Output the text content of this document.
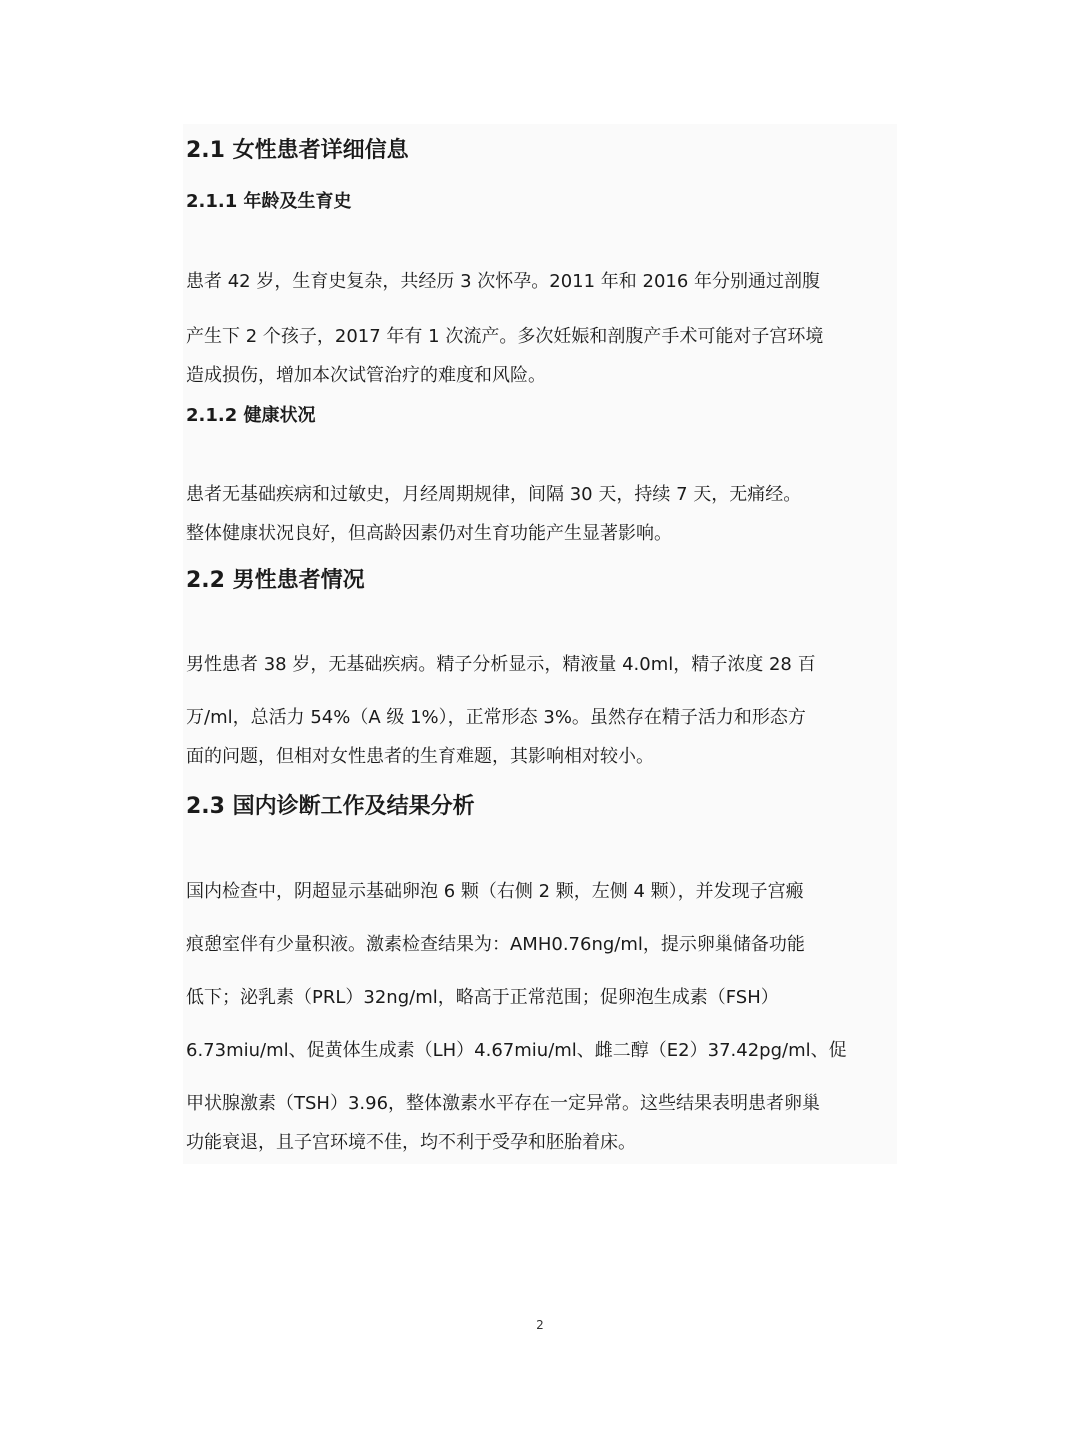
2.1 女性患者详细信息
2.1.1 年龄及生育史
患者 42 岁，生育史复杂，共经历 3 次怀孕。2011 年和 2016 年分别通过剖腹
产生下 2 个孩子，2017 年有 1 次流产。多次妊娠和剖腹产手术可能对子宫环境
造成损伤，增加本次试管治疗的难度和风险。
2.1.2 健康状况
患者无基础疾病和过敏史，月经周期规律，间隔 30 天，持续 7 天，无痛经。
整体健康状况良好，但高龄因素仍对生育功能产生显著影响。
2.2 男性患者情况
男性患者 38 岁，无基础疾病。精子分析显示，精液量 4.0ml，精子浓度 28 百
万/ml，总活力 54%（A 级 1%），正常形态 3%。虽然存在精子活力和形态方
面的问题，但相对女性患者的生育难题，其影响相对较小。
2.3 国内诊断工作及结果分析
国内检查中，阴超显示基础卵泡 6 颗（右侧 2 颗，左侧 4 颗），并发现子宫瘢
痕憩室伴有少量积液。激素检查结果为：AMH0.76ng/ml，提示卵巢储备功能
低下；泌乳素（PRL）32ng/ml，略高于正常范围；促卵泡生成素（FSH）
6.73miu/ml、促黄体生成素（LH）4.67miu/ml、雌二醇（E2）37.42pg/ml、促
甲状腺激素（TSH）3.96，整体激素水平存在一定异常。这些结果表明患者卵巢
功能衰退，且子宫环境不佳，均不利于受孕和胚胎着床。
2
